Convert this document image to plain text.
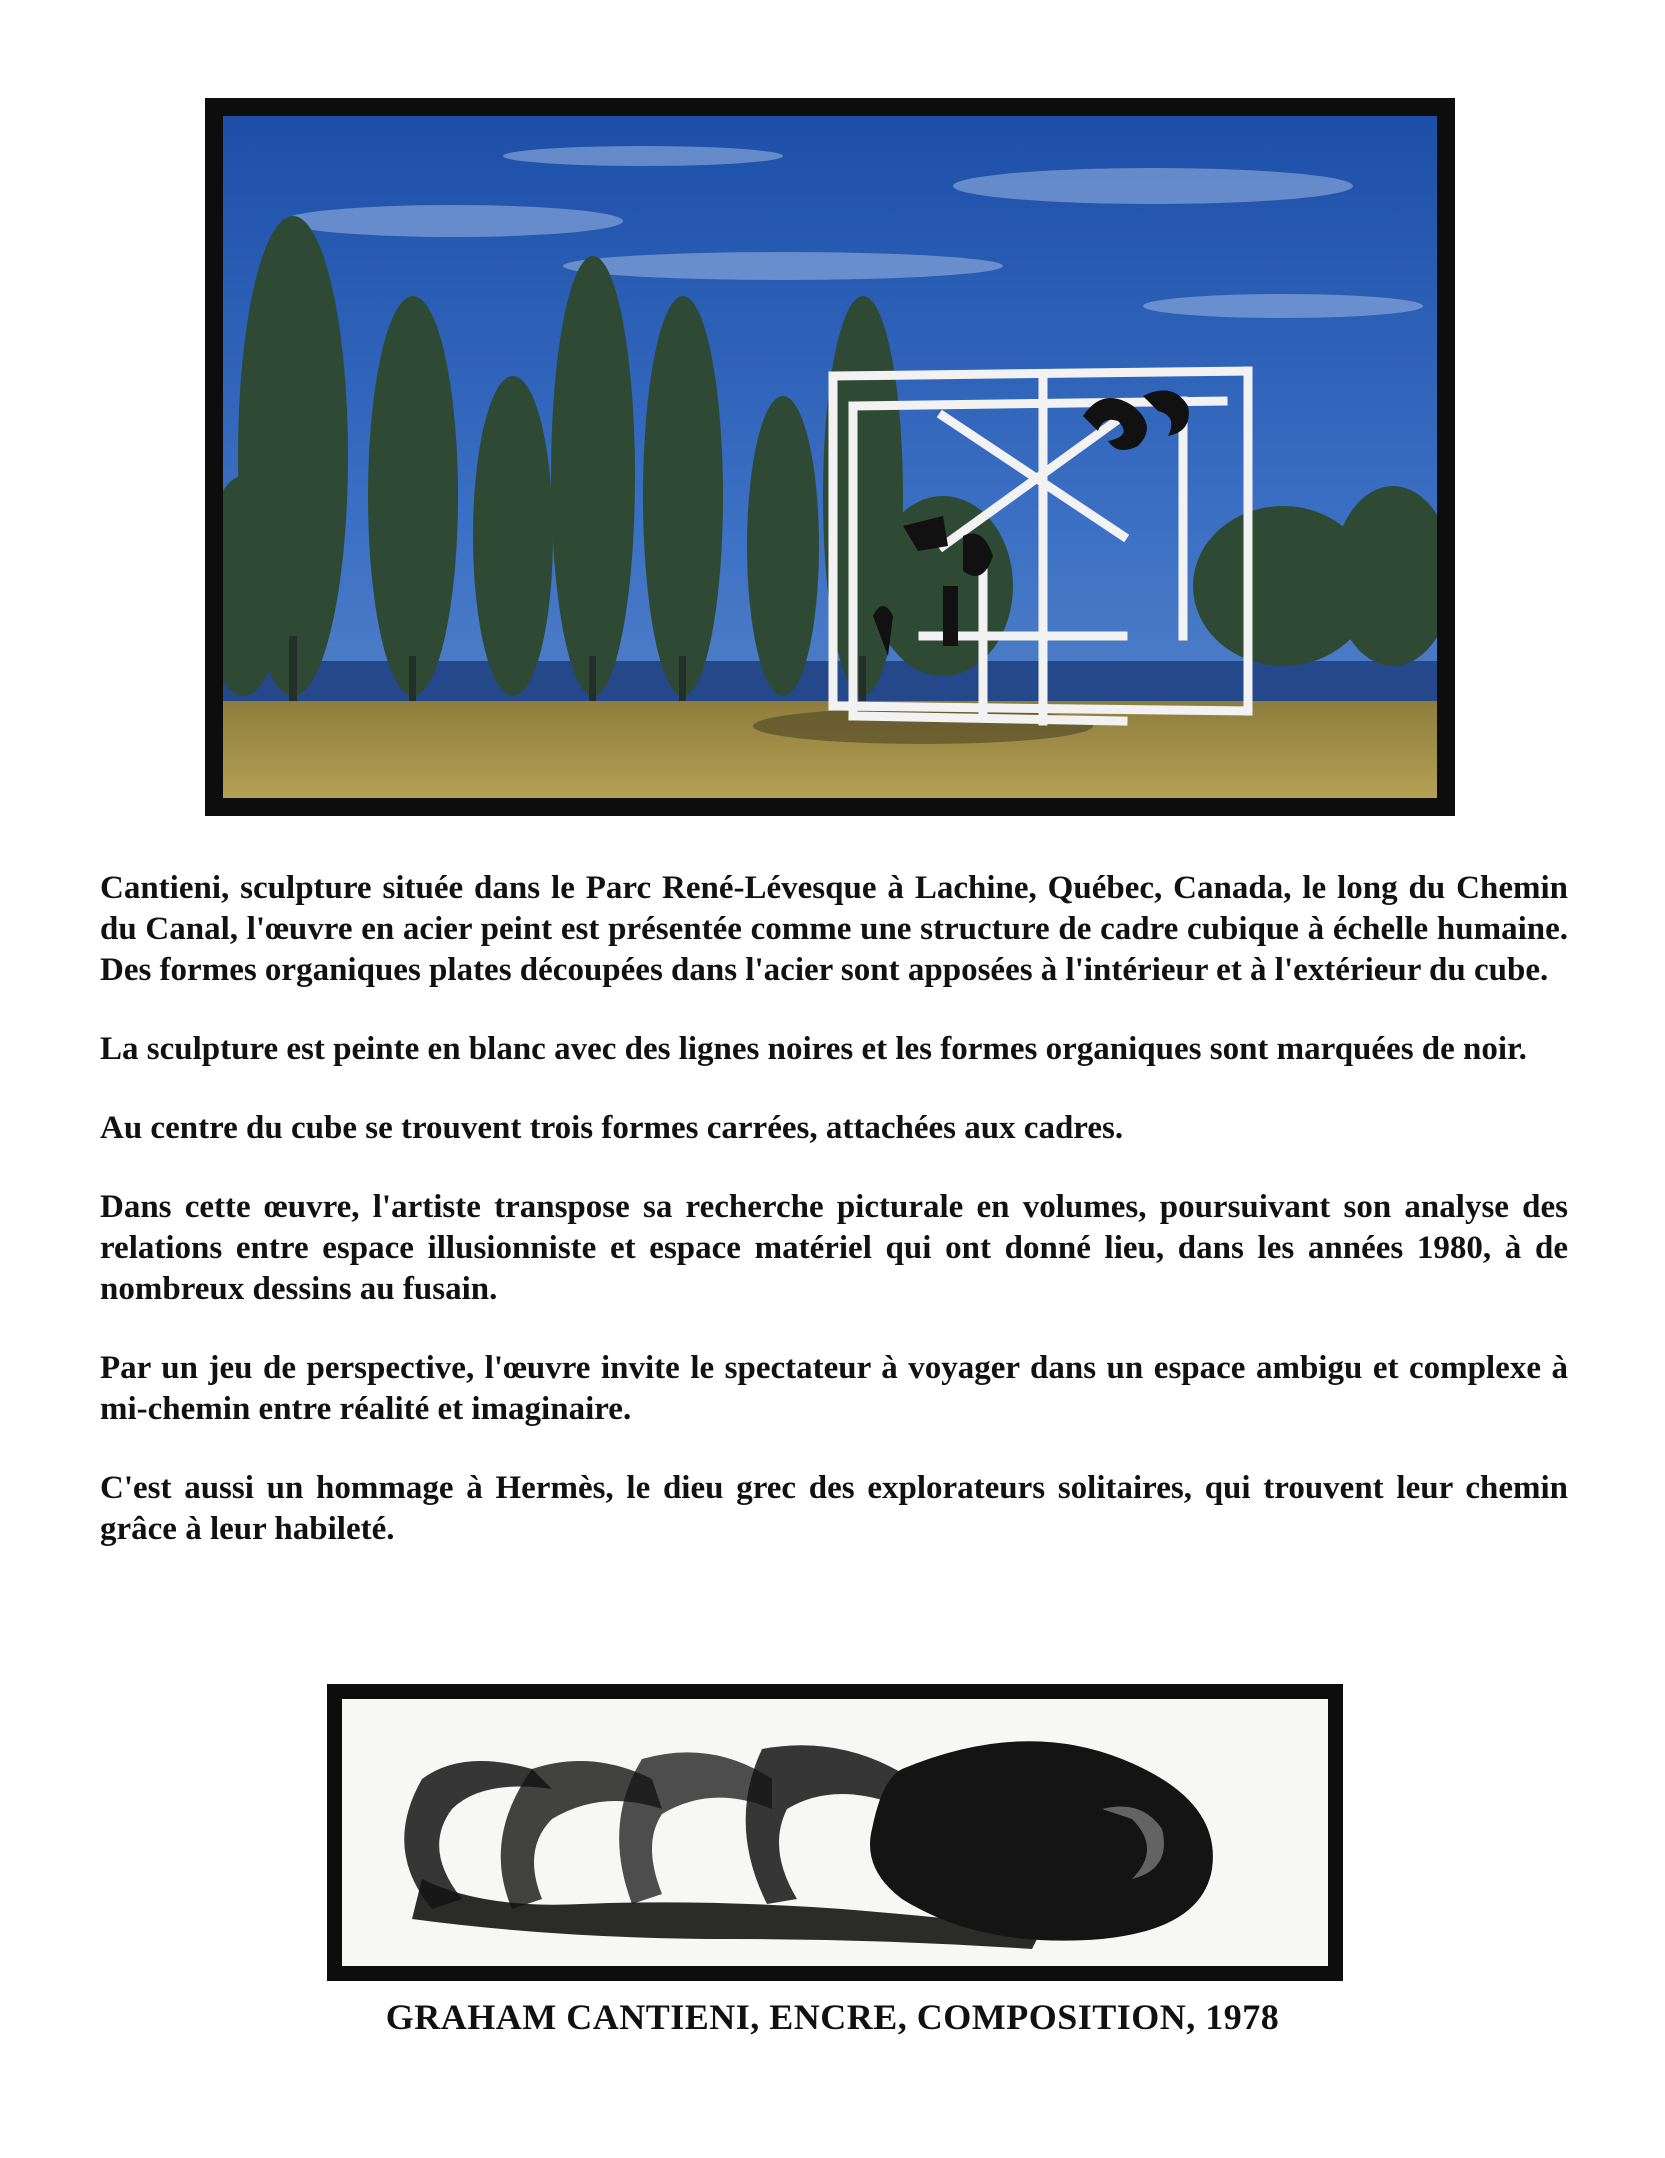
Cantieni, sculpture située dans le Parc René-Lévesque à Lachine, Québec, Canada, le long du Chemin du Canal, l'œuvre en acier peint est présentée comme une structure de cadre cubique à échelle humaine. Des formes organiques plates découpées dans l'acier sont apposées à l'intérieur et à l'extérieur du cube.

La sculpture est peinte en blanc avec des lignes noires et les formes organiques sont marquées de noir.

Au centre du cube se trouvent trois formes carrées, attachées aux cadres.

Dans cette œuvre, l'artiste transpose sa recherche picturale en volumes, poursuivant son analyse des relations entre espace illusionniste et espace matériel qui ont donné lieu, dans les années 1980, à de nombreux dessins au fusain.

Par un jeu de perspective, l'œuvre invite le spectateur à voyager dans un espace ambigu et complexe à mi-chemin entre réalité et imaginaire.

C'est aussi un hommage à Hermès, le dieu grec des explorateurs solitaires, qui trouvent leur chemin grâce à leur habileté.

GRAHAM CANTIENI, ENCRE, COMPOSITION, 1978
